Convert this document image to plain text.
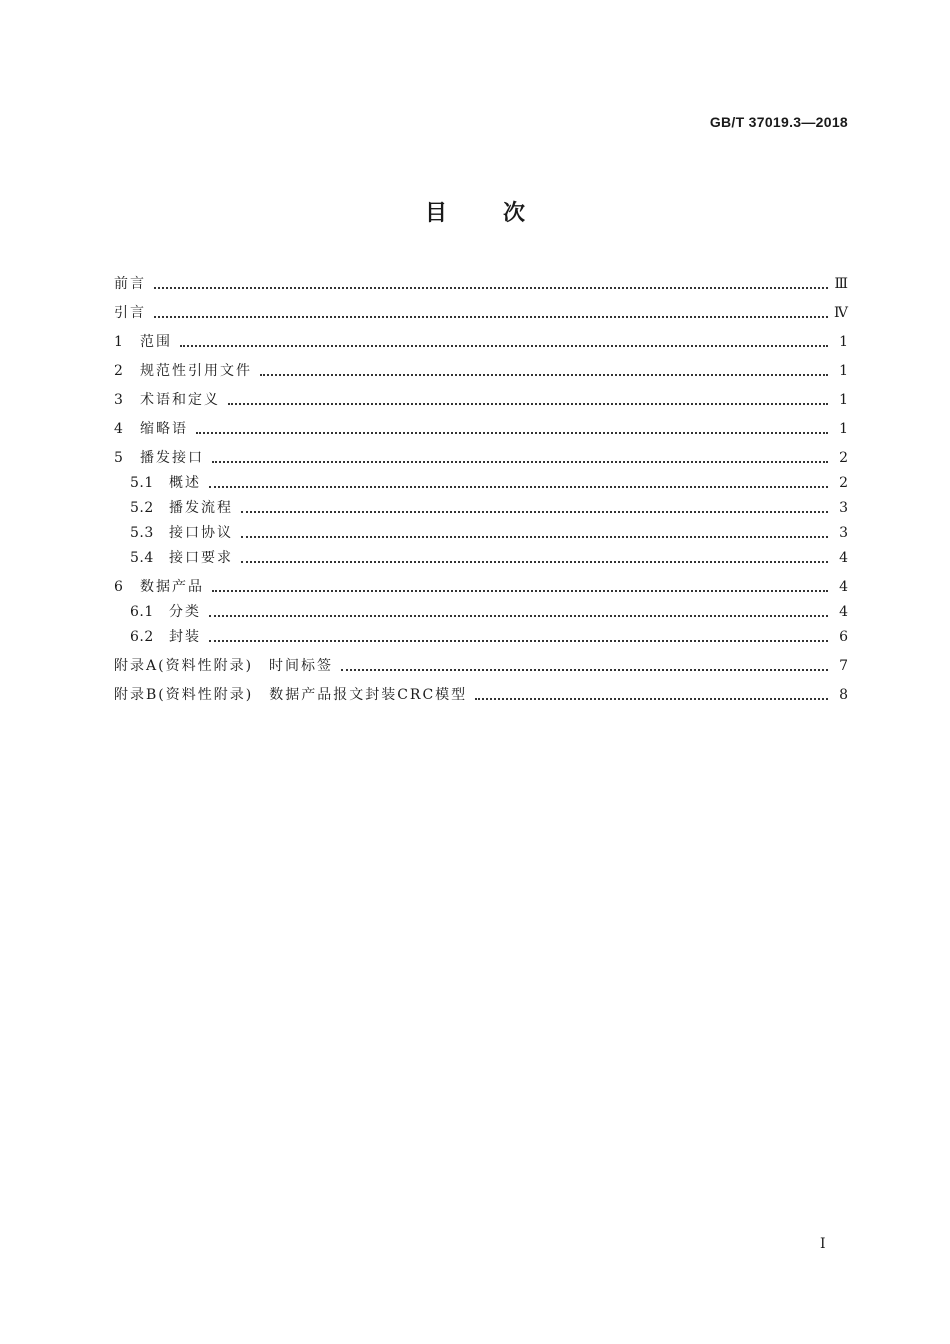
GB/T 37019.3—2018
目次
前言	Ⅲ
引言	Ⅳ
1	范围	1
2	规范性引用文件	1
3	术语和定义	1
4	缩略语	1
5	播发接口	2
5.1	概述	2
5.2	播发流程	3
5.3	接口协议	3
5.4	接口要求	4
6	数据产品	4
6.1	分类	4
6.2	封装	6
附录A(资料性附录)　时间标签	7
附录B(资料性附录)　数据产品报文封装CRC模型	8
Ⅰ
